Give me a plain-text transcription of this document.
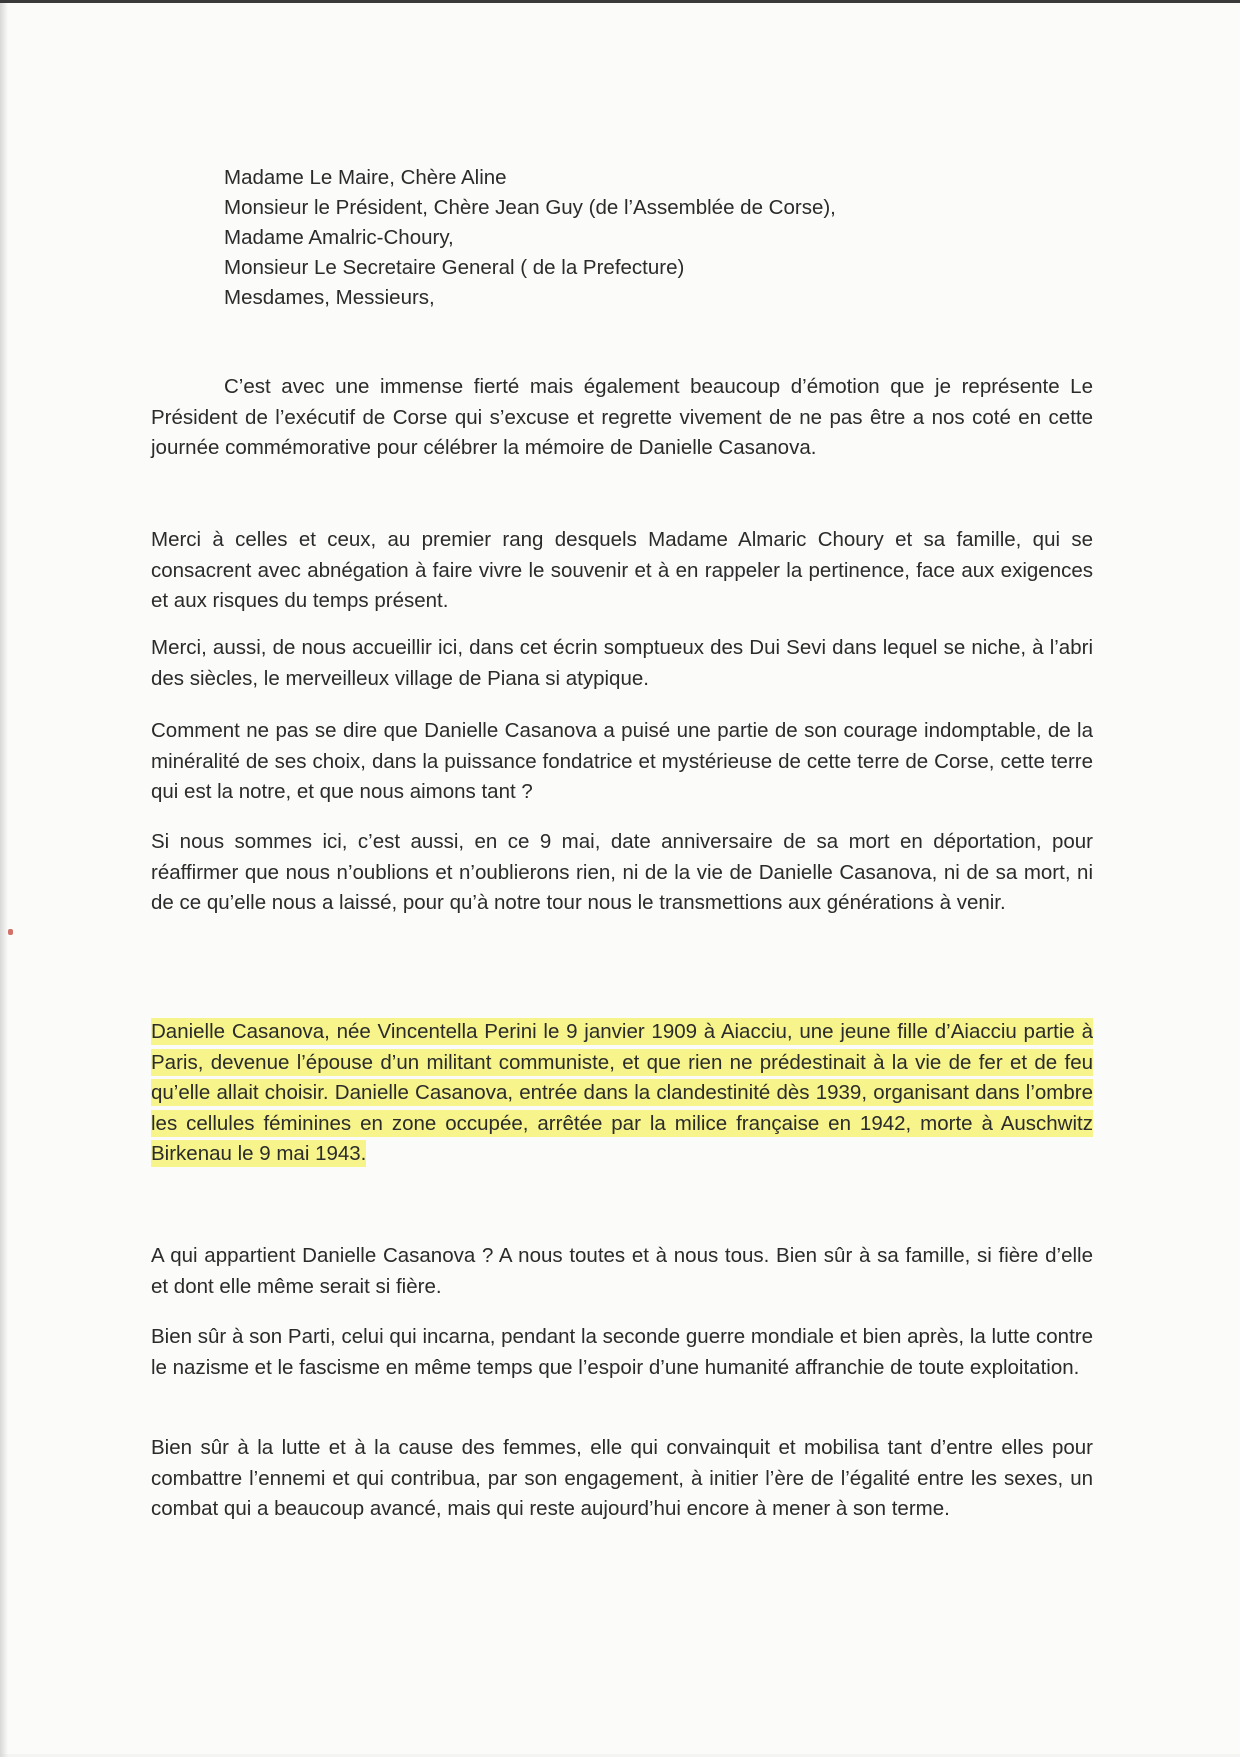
Madame Le Maire, Chère Aline
Monsieur le Président, Chère Jean Guy (de l’Assemblée de Corse),
Madame Amalric-Choury,
Monsieur Le Secretaire General ( de la Prefecture)
Mesdames, Messieurs,

C’est avec une immense fierté mais également beaucoup d’émotion que je représente Le Président de l’exécutif de Corse qui s’excuse et regrette vivement de ne pas être a nos coté en cette journée commémorative pour célébrer la mémoire de Danielle Casanova.

Merci à celles et ceux, au premier rang desquels Madame Almaric Choury et sa famille, qui se consacrent avec abnégation à faire vivre le souvenir et à en rappeler la pertinence, face aux exigences et aux risques du temps présent.

Merci, aussi, de nous accueillir ici, dans cet écrin somptueux des Dui Sevi dans lequel se niche, à l’abri des siècles, le merveilleux village de Piana si atypique.

Comment ne pas se dire que Danielle Casanova a puisé une partie de son courage indomptable, de la minéralité de ses choix, dans la puissance fondatrice et mystérieuse de cette terre de Corse, cette terre qui est la notre, et que nous aimons tant ?

Si nous sommes ici, c’est aussi, en ce 9 mai, date anniversaire de sa mort en déportation, pour réaffirmer que nous n’oublions et n’oublierons rien, ni de la vie de Danielle Casanova, ni de sa mort, ni de ce qu’elle nous a laissé, pour qu’à notre tour nous le transmettions aux générations à venir.

Danielle Casanova, née Vincentella Perini le 9 janvier 1909 à Aiacciu, une jeune fille d’Aiacciu partie à Paris, devenue l’épouse d’un militant communiste, et que rien ne prédestinait à la vie de fer et de feu qu’elle allait choisir. Danielle Casanova, entrée dans la clandestinité dès 1939, organisant dans l’ombre les cellules féminines en zone occupée, arrêtée par la milice française en 1942, morte à Auschwitz Birkenau le 9 mai 1943.

A qui appartient Danielle Casanova ? A nous toutes et à nous tous. Bien sûr à sa famille, si fière d’elle et dont elle même serait si fière.

Bien sûr à son Parti, celui qui incarna, pendant la seconde guerre mondiale et bien après, la lutte contre le nazisme et le fascisme en même temps que l’espoir d’une humanité affranchie de toute exploitation.

Bien sûr à la lutte et à la cause des femmes, elle qui convainquit et mobilisa tant d’entre elles pour combattre l’ennemi et qui contribua, par son engagement, à initier l’ère de l’égalité entre les sexes, un combat qui a beaucoup avancé, mais qui reste aujourd’hui encore à mener à son terme.
